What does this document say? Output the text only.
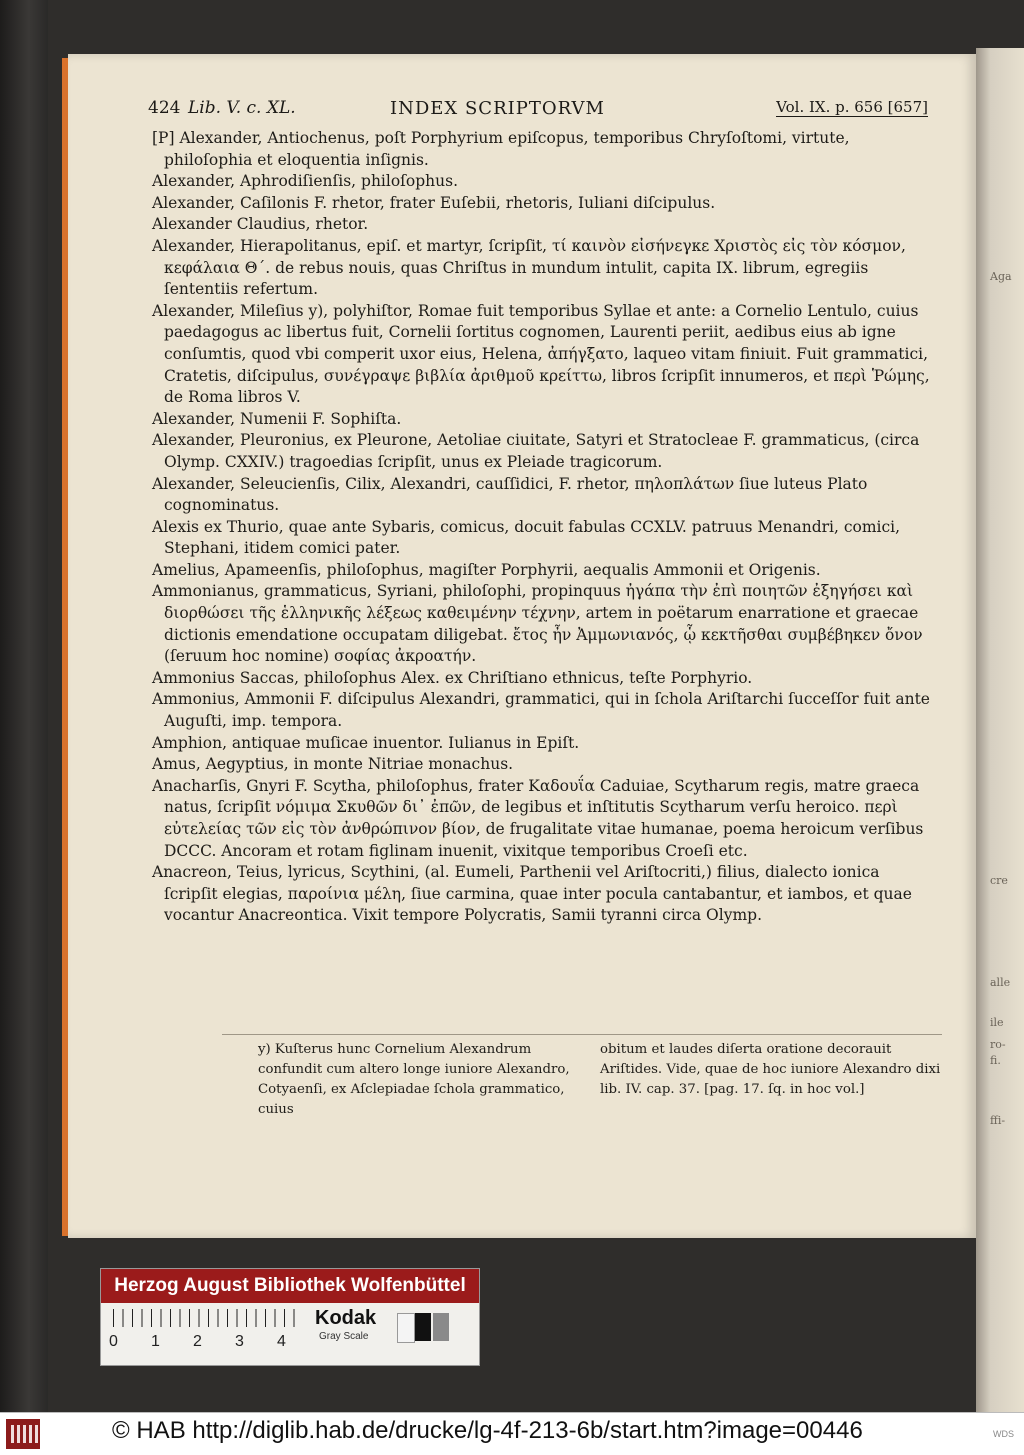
Aga
cre
alle
ile
ro-
fi.
ffi-
424 Lib. V. c. XL.	INDEX SCRIPTORVM	Vol. IX. p. 656 [657]

[P] Alexander, Antiochenus, poſt Porphyrium epiſcopus, temporibus Chryſoſtomi, virtute, philoſophia et eloquentia inſignis.

Alexander, Aphrodiſienſis, philoſophus.

Alexander, Caſilonis F. rhetor, frater Euſebii, rhetoris, Iuliani diſcipulus.

Alexander Claudius, rhetor.

Alexander, Hierapolitanus, epiſ. et martyr, ſcripſit, τί καινὸν εἰσήνεγκε Χριστὸς εἰς τὸν κόσμον, κεφάλαια Θ΄. de rebus nouis, quas Chriſtus in mundum intulit, capita IX. librum, egregiis ſententiis refertum.

Alexander, Mileſius y), polyhiſtor, Romae fuit temporibus Syllae et ante: a Cornelio Lentulo, cuius paedagogus ac libertus fuit, Cornelii ſortitus cognomen, Laurenti periit, aedibus eius ab igne conſumtis, quod vbi comperit uxor eius, Helena, ἀπήγξατο, laqueo vitam finiuit. Fuit grammatici, Cratetis, diſcipulus, συνέγραψε βιβλία ἀριθμοῦ κρείττω, libros ſcripſit innumeros, et περὶ Ῥώμης, de Roma libros V.

Alexander, Numenii F. Sophiſta.

Alexander, Pleuronius, ex Pleurone, Aetoliae ciuitate, Satyri et Stratocleae F. grammaticus, (circa Olymp. CXXIV.) tragoedias ſcripſit, unus ex Pleiade tragicorum.

Alexander, Seleucienſis, Cilix, Alexandri, cauſſidici, F. rhetor, πηλοπλάτων ſiue luteus Plato cognominatus.

Alexis ex Thurio, quae ante Sybaris, comicus, docuit fabulas CCXLV. patruus Menandri, comici, Stephani, itidem comici pater.

Amelius, Apameenſis, philoſophus, magiſter Porphyrii, aequalis Ammonii et Origenis.

Ammonianus, grammaticus, Syriani, philoſophi, propinquus ἠγάπα τὴν ἐπὶ ποιητῶν ἐξηγήσει καὶ διορθώσει τῆς ἑλληνικῆς λέξεως καθειμένην τέχνην, artem in poëtarum enarratione et graecae dictionis emendatione occupatam diligebat. ἔτος ἦν Ἀμμωνιανός, ᾧ κεκτῆσθαι συμβέβηκεν ὄνον (ſeruum hoc nomine) σοφίας ἀκροατήν.

Ammonius Saccas, philoſophus Alex. ex Chriſtiano ethnicus, teſte Porphyrio.

Ammonius, Ammonii F. diſcipulus Alexandri, grammatici, qui in ſchola Ariſtarchi ſucceſſor fuit ante Auguſti, imp. tempora.

Amphion, antiquae muſicae inuentor. Iulianus in Epiſt.

Amus, Aegyptius, in monte Nitriae monachus.

Anacharſis, Gnyri F. Scytha, philoſophus, frater Καδουΐα Caduiae, Scytharum regis, matre graeca natus, ſcripſit νόμιμα Σκυθῶν δι᾽ ἐπῶν, de legibus et inſtitutis Scytharum verſu heroico. περὶ εὐτελείας τῶν εἰς τὸν ἀνθρώπινον βίον, de frugalitate vitae humanae, poema heroicum verſibus DCCC. Ancoram et rotam figlinam inuenit, vixitque temporibus Croeſi etc.

Anacreon, Teius, lyricus, Scythini, (al. Eumeli, Parthenii vel Ariſtocriti,) filius, dialecto ionica ſcripſit elegias, παροίνια μέλη, ſiue carmina, quae inter pocula cantabantur, et iambos, et quae vocantur Anacreontica. Vixit tempore Polycratis, Samii tyranni circa Olymp.

y) Kuſterus hunc Cornelium Alexandrum confundit cum altero longe iuniore Alexandro, Cotyaenſi, ex Aſclepiadae ſchola grammatico, cuius
obitum et laudes diſerta oratione decorauit Ariſtides. Vide, quae de hoc iuniore Alexandro dixi lib. IV. cap. 37. [pag. 17. ſq. in hoc vol.]
Herzog August Bibliothek Wolfenbüttel
0 1 2 3 4
Kodak
Gray Scale
© HAB http://diglib.hab.de/drucke/lg-4f-213-6b/start.htm?image=00446	WDS
